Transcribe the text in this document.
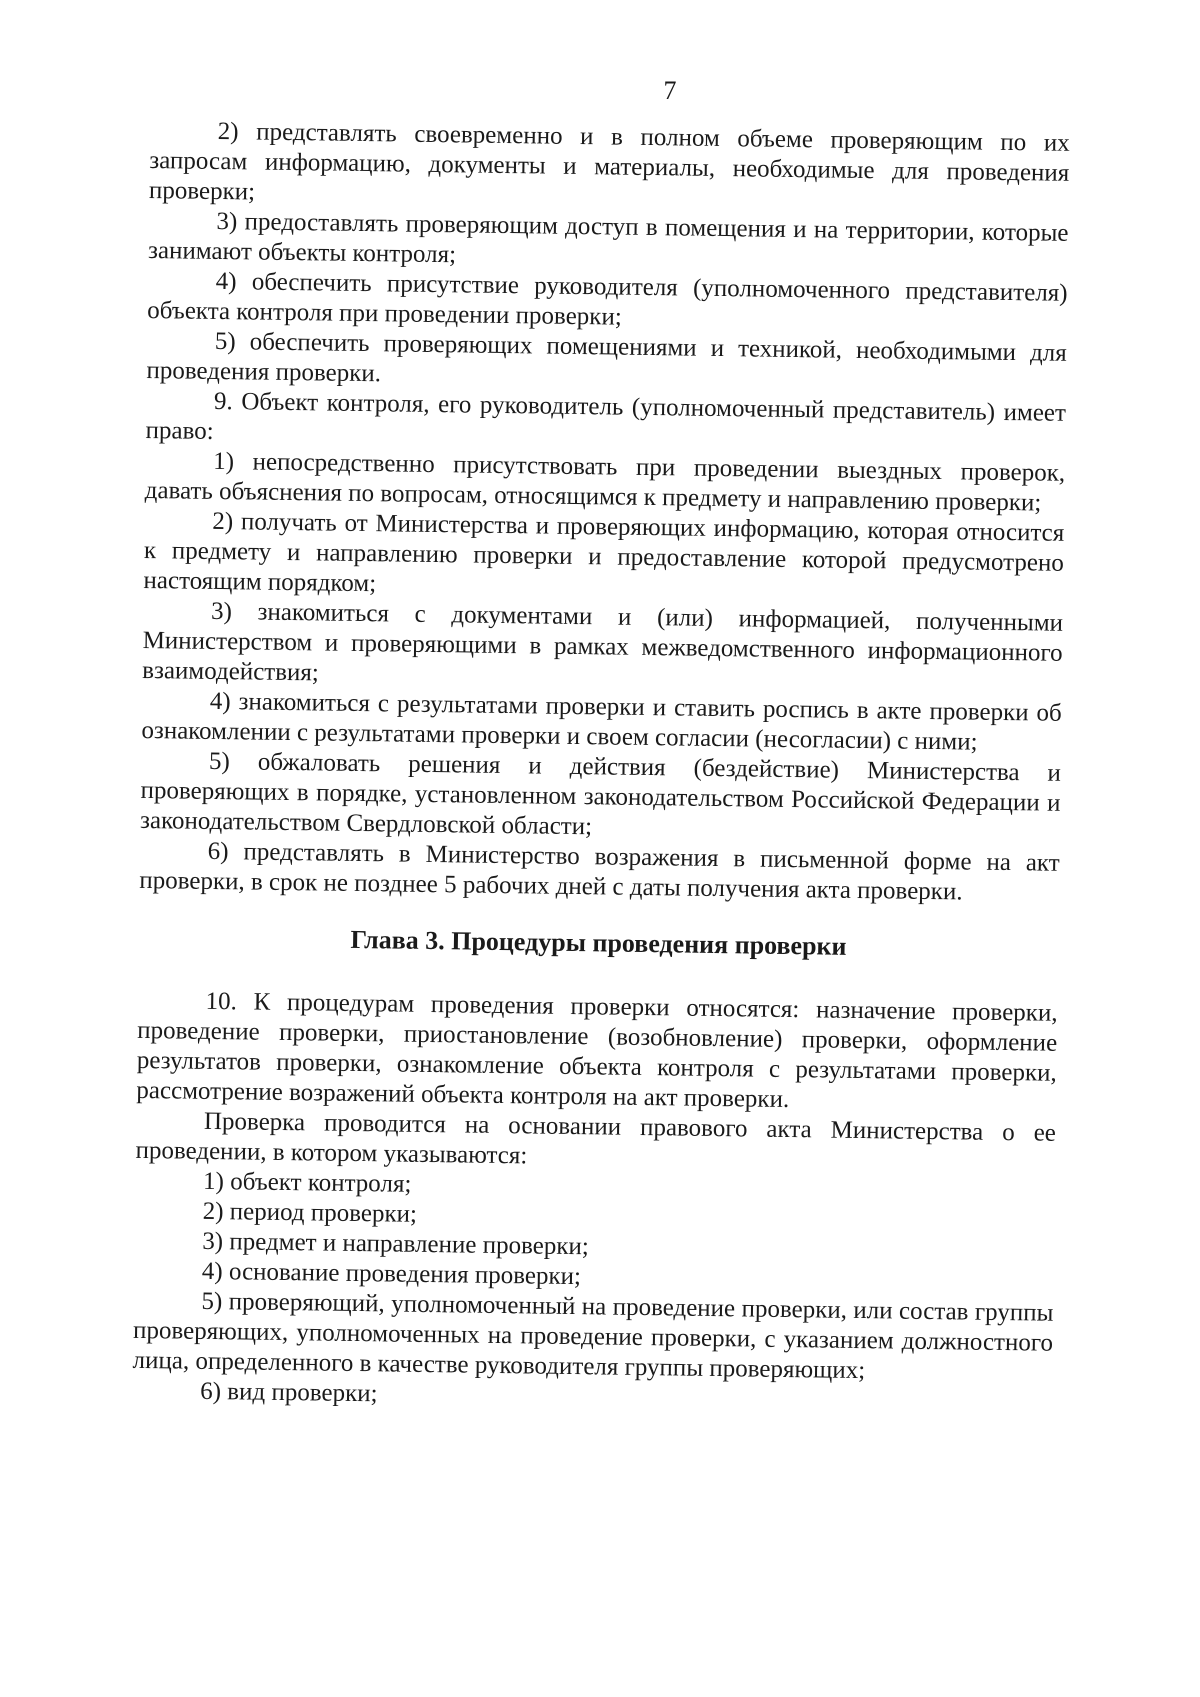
7

2) представлять своевременно и в полном объеме проверяющим по их запросам информацию, документы и материалы, необходимые для проведения проверки;

3) предоставлять проверяющим доступ в помещения и на территории, которые занимают объекты контроля;

4) обеспечить присутствие руководителя (уполномоченного представителя) объекта контроля при проведении проверки;

5) обеспечить проверяющих помещениями и техникой, необходимыми для проведения проверки.

9. Объект контроля, его руководитель (уполномоченный представитель) имеет право:

1) непосредственно присутствовать при проведении выездных проверок, давать объяснения по вопросам, относящимся к предмету и направлению проверки;

2) получать от Министерства и проверяющих информацию, которая относится к предмету и направлению проверки и предоставление которой предусмотрено настоящим порядком;

3) знакомиться с документами и (или) информацией, полученными Министерством и проверяющими в рамках межведомственного информационного взаимодействия;

4) знакомиться с результатами проверки и ставить роспись в акте проверки об ознакомлении с результатами проверки и своем согласии (несогласии) с ними;

5) обжаловать решения и действия (бездействие) Министерства и проверяющих в порядке, установленном законодательством Российской Федерации и законодательством Свердловской области;

6) представлять в Министерство возражения в письменной форме на акт проверки, в срок не позднее 5 рабочих дней с даты получения акта проверки.

Глава 3. Процедуры проведения проверки

10. К процедурам проведения проверки относятся: назначение проверки, проведение проверки, приостановление (возобновление) проверки, оформление результатов проверки, ознакомление объекта контроля с результатами проверки, рассмотрение возражений объекта контроля на акт проверки.

Проверка проводится на основании правового акта Министерства о ее проведении, в котором указываются:

1) объект контроля;

2) период проверки;

3) предмет и направление проверки;

4) основание проведения проверки;

5) проверяющий, уполномоченный на проведение проверки, или состав группы проверяющих, уполномоченных на проведение проверки, с указанием должностного лица, определенного в качестве руководителя группы проверяющих;

6) вид проверки;
